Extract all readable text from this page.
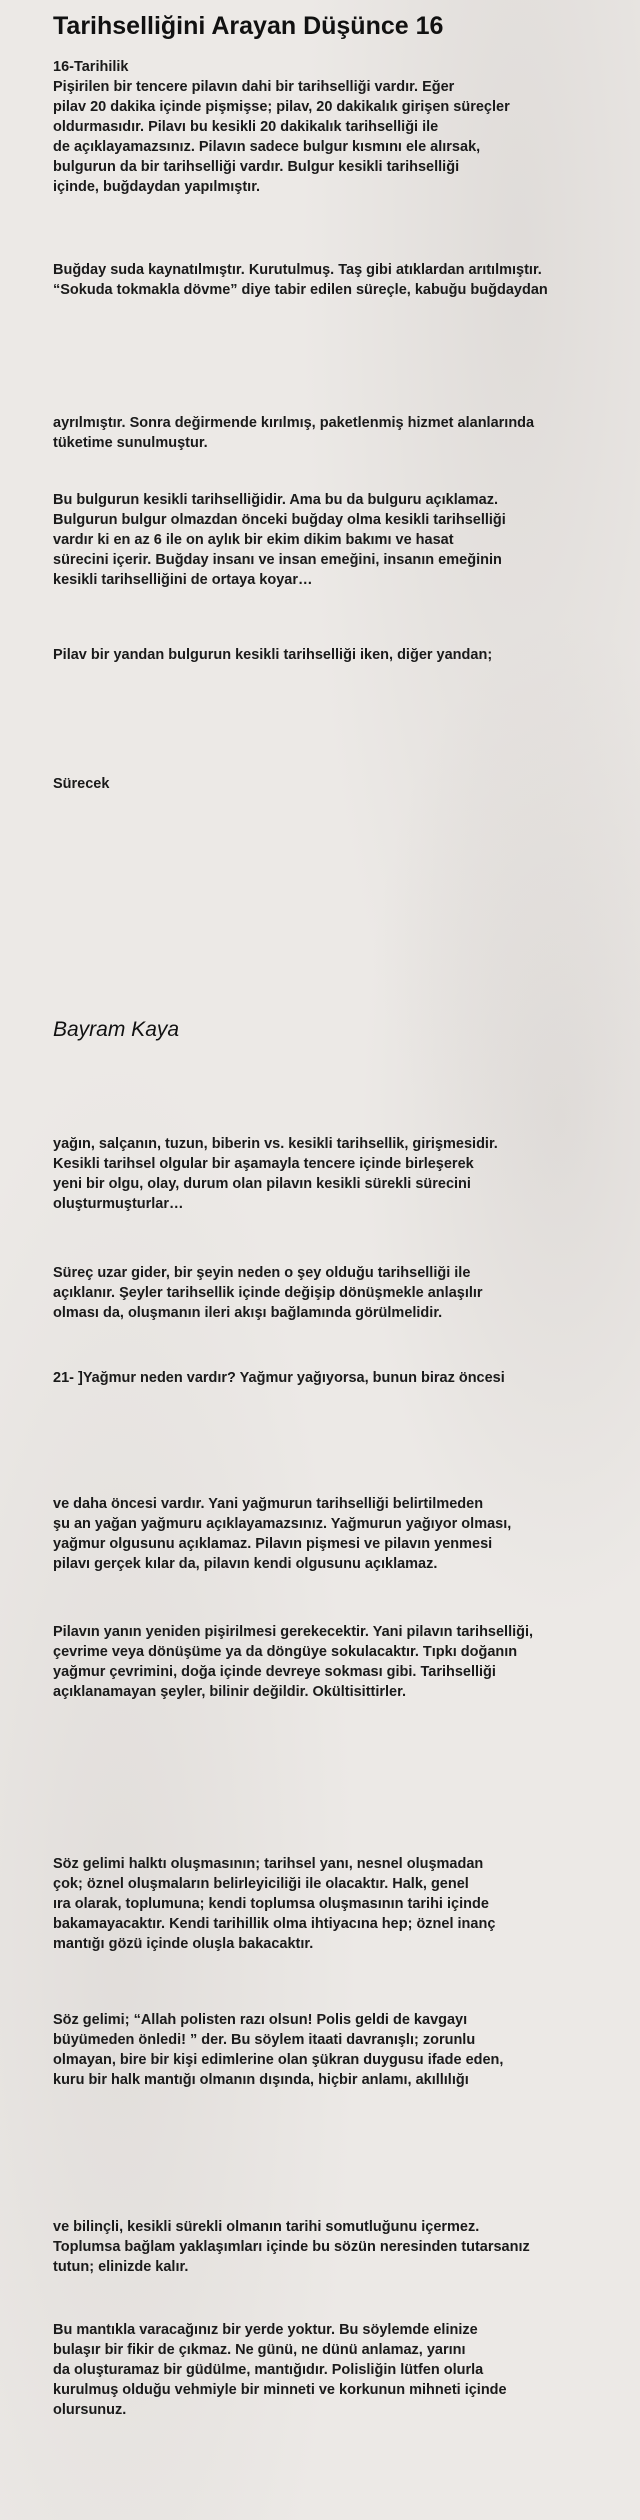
Tarihselliğini Arayan Düşünce 16
16-Tarihilik
Pişirilen bir tencere pilavın dahi bir tarihselliği vardır. Eğer
pilav 20 dakika içinde pişmişse; pilav, 20 dakikalık girişen süreçler
oldurmasıdır. Pilavı bu kesikli 20 dakikalık tarihselliği ile
de açıklayamazsınız. Pilavın sadece bulgur kısmını ele alırsak,
bulgurun da bir tarihselliği vardır. Bulgur kesikli tarihselliği
içinde, buğdaydan yapılmıştır.
Buğday suda kaynatılmıştır. Kurutulmuş. Taş gibi atıklardan arıtılmıştır.
“Sokuda tokmakla dövme” diye tabir edilen süreçle, kabuğu buğdaydan
ayrılmıştır. Sonra değirmende kırılmış, paketlenmiş hizmet alanlarında
tüketime sunulmuştur.
Bu bulgurun kesikli tarihselliğidir. Ama bu da bulguru açıklamaz.
Bulgurun bulgur olmazdan önceki buğday olma kesikli tarihselliği
vardır ki en az 6 ile on aylık bir ekim dikim bakımı ve hasat
sürecini içerir. Buğday insanı ve insan emeğini, insanın emeğinin
kesikli tarihselliğini de ortaya koyar…
Pilav bir yandan bulgurun kesikli tarihselliği iken, diğer yandan;
Sürecek
Bayram Kaya
yağın, salçanın, tuzun, biberin vs. kesikli tarihsellik, girişmesidir.
Kesikli tarihsel olgular bir aşamayla tencere içinde birleşerek
yeni bir olgu, olay, durum olan pilavın kesikli sürekli sürecini
oluşturmuşturlar…
Süreç uzar gider, bir şeyin neden o şey olduğu tarihselliği ile
açıklanır. Şeyler tarihsellik içinde değişip dönüşmekle anlaşılır
olması da, oluşmanın ileri akışı bağlamında görülmelidir.
21- ]Yağmur neden vardır? Yağmur yağıyorsa, bunun biraz öncesi
ve daha öncesi vardır. Yani yağmurun tarihselliği belirtilmeden
şu an yağan yağmuru açıklayamazsınız. Yağmurun yağıyor olması,
yağmur olgusunu açıklamaz. Pilavın pişmesi ve pilavın yenmesi
pilavı gerçek kılar da, pilavın kendi olgusunu açıklamaz.
Pilavın yanın yeniden pişirilmesi gerekecektir. Yani pilavın tarihselliği,
çevrime veya dönüşüme ya da döngüye sokulacaktır. Tıpkı doğanın
yağmur çevrimini, doğa içinde devreye sokması gibi. Tarihselliği
açıklanamayan şeyler, bilinir değildir. Okültisittirler.
Söz gelimi halktı oluşmasının; tarihsel yanı, nesnel oluşmadan
çok; öznel oluşmaların belirleyiciliği ile olacaktır. Halk, genel
ıra olarak, toplumuna; kendi toplumsa oluşmasının tarihi içinde
bakamayacaktır. Kendi tarihillik olma ihtiyacına hep; öznel inanç
mantığı gözü içinde oluşla bakacaktır.
Söz gelimi; “Allah polisten razı olsun! Polis geldi de kavgayı
büyümeden önledi! ” der. Bu söylem itaati davranışlı; zorunlu
olmayan, bire bir kişi edimlerine olan şükran duygusu ifade eden,
kuru bir halk mantığı olmanın dışında, hiçbir anlamı, akıllılığı
ve bilinçli, kesikli sürekli olmanın tarihi somutluğunu içermez.
Toplumsa bağlam yaklaşımları içinde bu sözün neresinden tutarsanız
tutun; elinizde kalır.
Bu mantıkla varacağınız bir yerde yoktur. Bu söylemde elinize
bulaşır bir fikir de çıkmaz. Ne günü, ne dünü anlamaz, yarını
da oluşturamaz bir güdülme, mantığıdır. Polisliğin lütfen olurla
kurulmuş olduğu vehmiyle bir minneti ve korkunun mihneti içinde
olursunuz.
